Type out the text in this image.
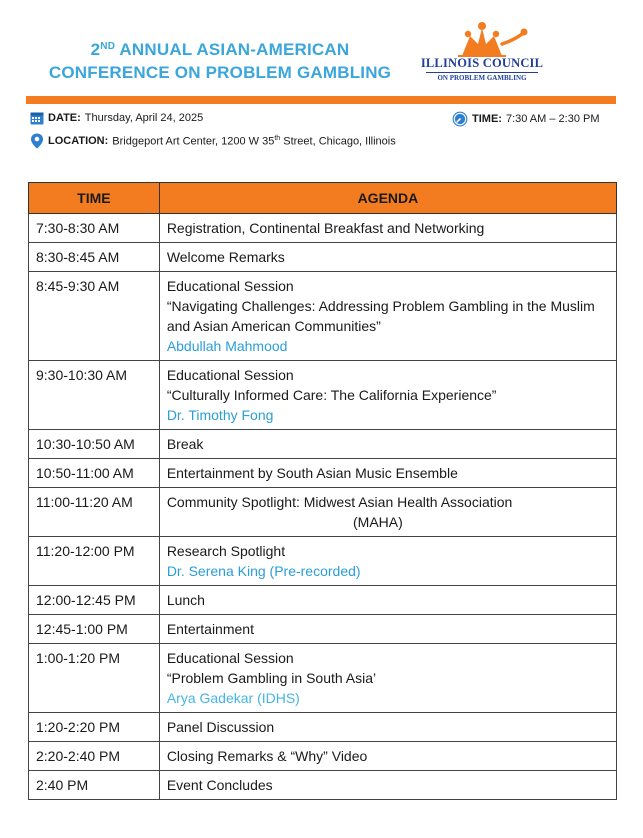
2ND ANNUAL ASIAN-AMERICAN
CONFERENCE ON PROBLEM GAMBLING	ILLINOIS COUNCIL
ON PROBLEM GAMBLING
DATE: Thursday, April 24, 2025	TIME: 7:30 AM – 2:30 PM
LOCATION: Bridgeport Art Center, 1200 W 35th Street, Chicago, Illinois
TIME	AGENDA
7:30-8:30 AM	Registration, Continental Breakfast and Networking

8:30-8:45 AM	Welcome Remarks

8:45-9:30 AM	Educational Session
“Navigating Challenges: Addressing Problem Gambling in the Muslim and Asian American Communities”
Abdullah Mahmood

9:30-10:30 AM	Educational Session
“Culturally Informed Care: The California Experience”
Dr. Timothy Fong

10:30-10:50 AM	Break

10:50-11:00 AM	Entertainment by South Asian Music Ensemble

11:00-11:20 AM	Community Spotlight: Midwest Asian Health Association
(MAHA)

11:20-12:00 PM	Research Spotlight
Dr. Serena King (Pre-recorded)

12:00-12:45 PM	Lunch

12:45-1:00 PM	Entertainment

1:00-1:20 PM	Educational Session
“Problem Gambling in South Asia’
Arya Gadekar (IDHS)

1:20-2:20 PM	Panel Discussion

2:20-2:40 PM	Closing Remarks & “Why” Video

2:40 PM	Event Concludes
